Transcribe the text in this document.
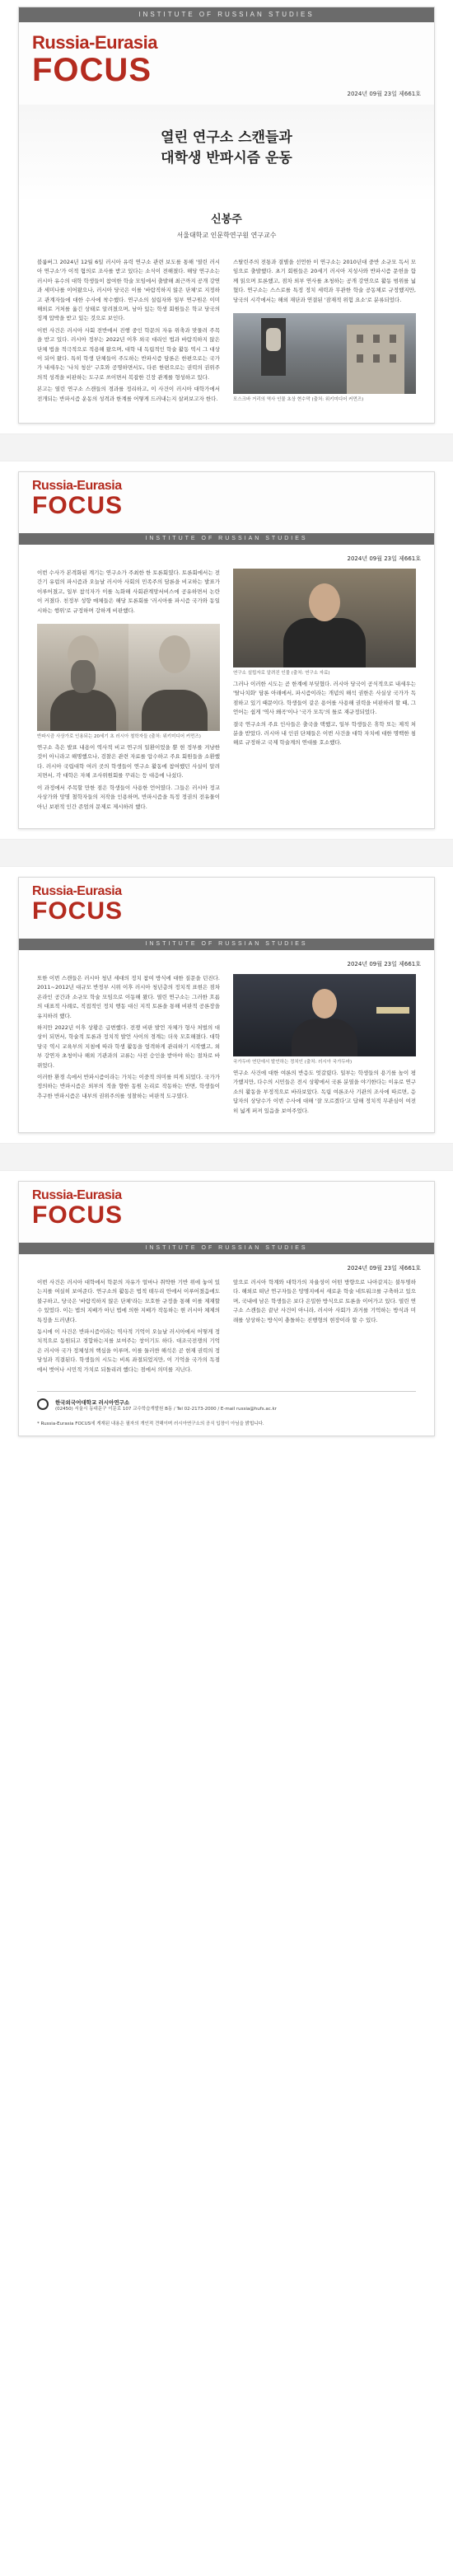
INSTITUTE OF RUSSIAN STUDIES
Russia-Eurasia
FOCUS
2024년 09월 23일 제661호
열린 연구소 스캔들과
대학생 반파시즘 운동
신봉주
서울대학교 인문학연구원 연구교수

블룸버그 2024년 12월 6일 러시아 유력 연구소 관련 보도를 통해 '열린 러시아 연구소'가 이적 혐의로 조사를 받고 있다는 소식이 전해졌다. 해당 연구소는 러시아 유수의 대학 학생들이 참여한 학술 모임에서 출발해 최근까지 공개 강연과 세미나를 이어왔으나, 러시아 당국은 이를 '바람직하지 않은 단체'로 지정하고 관계자들에 대한 수사에 착수했다. 연구소의 설립자와 일부 연구원은 이미 해외로 거처를 옮긴 상태로 알려졌으며, 남아 있는 학생 회원들은 학교 당국의 징계 압박을 받고 있는 것으로 보인다.

이번 사건은 러시아 사회 전반에서 진행 중인 학문의 자유 위축과 맞물려 주목을 받고 있다. 러시아 정부는 2022년 이후 외국 대리인 법과 바람직하지 않은 단체 법을 적극적으로 적용해 왔으며, 대학 내 독립적인 학술 활동 역시 그 대상이 되어 왔다. 특히 학생 단체들이 주도하는 반파시즘 담론은 한편으로는 국가가 내세우는 '나치 청산' 구호와 공명하면서도, 다른 한편으로는 권력의 권위주의적 성격을 비판하는 도구로 쓰이면서 복잡한 긴장 관계를 형성하고 있다.

본고는 열린 연구소 스캔들의 경과를 정리하고, 이 사건이 러시아 대학가에서 전개되는 반파시즘 운동의 성격과 한계를 어떻게 드러내는지 살펴보고자 한다.

스탈린주의 전통과 결별을 선언한 이 연구소는 2010년대 중반 소규모 독서 모임으로 출발했다. 초기 회원들은 20세기 러시아 지성사와 반파시즘 문헌을 함께 읽으며 토론했고, 점차 외부 연사를 초청하는 공개 강연으로 활동 범위를 넓혔다. 연구소는 스스로를 특정 정치 세력과 무관한 학술 공동체로 규정했지만, 당국의 시각에서는 해외 재단과 연결된 '잠재적 위험 요소'로 분류되었다.

모스크바 거리의 역사 인물 초상 현수막 (출처: 위키미디어 커먼즈)
Russia-Eurasia
FOCUS
INSTITUTE OF RUSSIAN STUDIES
2024년 09월 23일 제661호

이번 수사가 본격화된 계기는 연구소가 주최한 한 토론회였다. 토론회에서는 전간기 유럽의 파시즘과 오늘날 러시아 사회의 민족주의 담론을 비교하는 발표가 이루어졌고, 일부 참석자가 이를 녹화해 사회관계망서비스에 공유하면서 논란이 커졌다. 친정부 성향 매체들은 해당 토론회를 '러시아를 파시즘 국가와 동일시하는 행위'로 규정하며 강하게 비판했다.

반파시즘 사상가로 인용되는 20세기 초 러시아 철학자들 (출처: 위키미디어 커먼즈)

연구소 측은 발표 내용이 역사적 비교 연구의 일환이었을 뿐 현 정부를 겨냥한 것이 아니라고 해명했으나, 검찰은 관련 자료를 압수하고 주요 회원들을 소환했다. 러시아 국립대학 여러 곳의 학생들이 연구소 활동에 참여했던 사실이 알려지면서, 각 대학은 자체 조사위원회를 꾸리는 등 대응에 나섰다.

이 과정에서 주목할 만한 점은 학생들이 사용한 언어였다. 그들은 러시아 정교 사상가와 망명 철학자들의 저작을 인용하며, 반파시즘을 특정 정권의 전유물이 아닌 보편적 인간 존엄의 문제로 제시하려 했다.

연구소 설립자로 알려진 인물 (출처: 연구소 자료)

그러나 이러한 시도는 곧 한계에 부딪혔다. 러시아 당국이 공식적으로 내세우는 '탈나치화' 담론 아래에서, 파시즘이라는 개념의 해석 권한은 사실상 국가가 독점하고 있기 때문이다. 학생들이 같은 용어를 사용해 권력을 비판하려 할 때, 그 언어는 쉽게 '역사 왜곡'이나 '국가 모독'의 틀로 재규정되었다.

결국 연구소의 주요 인사들은 출국을 택했고, 일부 학생들은 휴학 또는 제적 처분을 받았다. 러시아 내 인권 단체들은 이번 사건을 대학 자치에 대한 명백한 침해로 규정하고 국제 학술계의 연대를 호소했다.

Russia-Eurasia
FOCUS
INSTITUTE OF RUSSIAN STUDIES
2024년 09월 23일 제661호

또한 이번 스캔들은 러시아 청년 세대의 정치 참여 방식에 대한 질문을 던진다. 2011~2012년 대규모 반정부 시위 이후 러시아 청년층의 정치적 표현은 점차 온라인 공간과 소규모 학술 모임으로 이동해 왔다. 열린 연구소는 그러한 흐름의 대표적 사례로, 직접적인 정치 행동 대신 지적 토론을 통해 비판적 공론장을 유지하려 했다.

하지만 2022년 이후 상황은 급변했다. 전쟁 비판 발언 자체가 형사 처벌의 대상이 되면서, 학술적 토론과 정치적 발언 사이의 경계는 더욱 모호해졌다. 대학 당국 역시 교육부의 지침에 따라 학생 활동을 엄격하게 관리하기 시작했고, 외부 강연자 초청이나 해외 기관과의 교류는 사전 승인을 받아야 하는 절차로 바뀌었다.

이러한 환경 속에서 반파시즘이라는 가치는 이중적 의미를 띠게 되었다. 국가가 정의하는 반파시즘은 외부의 적을 향한 동원 논리로 작동하는 반면, 학생들이 추구한 반파시즘은 내부의 권위주의를 성찰하는 비판적 도구였다.

국가두마 연단에서 발언하는 정치인 (출처: 러시아 국가두마)

연구소 사건에 대한 여론의 반응도 엇갈렸다. 일부는 학생들의 용기를 높이 평가했지만, 다수의 시민들은 전시 상황에서 국론 분열을 야기한다는 이유로 연구소의 활동을 부정적으로 바라보았다. 독립 여론조사 기관의 조사에 따르면, 응답자의 상당수가 이번 수사에 대해 '잘 모르겠다'고 답해 정치적 무관심이 여전히 넓게 퍼져 있음을 보여주었다.

Russia-Eurasia
FOCUS
INSTITUTE OF RUSSIAN STUDIES
2024년 09월 23일 제661호

이번 사건은 러시아 대학에서 학문의 자유가 얼마나 취약한 기반 위에 놓여 있는지를 여실히 보여준다. 연구소의 활동은 법적 테두리 안에서 이루어졌음에도 불구하고, 당국은 '바람직하지 않은 단체'라는 모호한 규정을 통해 이를 제재할 수 있었다. 이는 법의 지배가 아닌 법에 의한 지배가 작동하는 현 러시아 체제의 특징을 드러낸다.

동시에 이 사건은 반파시즘이라는 역사적 기억이 오늘날 러시아에서 어떻게 정치적으로 동원되고 경합하는지를 보여주는 창이기도 하다. 대조국전쟁의 기억은 러시아 국가 정체성의 핵심을 이루며, 이를 둘러싼 해석은 곧 현재 권력의 정당성과 직결된다. 학생들의 시도는 비록 좌절되었지만, 이 기억을 국가의 독점에서 벗어나 시민적 가치로 되돌리려 했다는 점에서 의미를 지닌다.

앞으로 러시아 학계와 대학가의 자율성이 어떤 방향으로 나아갈지는 불투명하다. 해외로 떠난 연구자들은 망명지에서 새로운 학술 네트워크를 구축하고 있으며, 국내에 남은 학생들은 보다 은밀한 방식으로 토론을 이어가고 있다. 열린 연구소 스캔들은 끝난 사건이 아니라, 러시아 사회가 과거를 기억하는 방식과 미래를 상상하는 방식이 충돌하는 진행형의 현장이라 할 수 있다.

한국외국어대학교 러시아연구소
(02450) 서울시 동대문구 이문로 107 교수학습개발원 B동 / Tel 02-2173-2000 / E-mail russia@hufs.ac.kr
* Russia-Eurasia FOCUS에 게재된 내용은 필자의 개인적 견해이며 러시아연구소의 공식 입장이 아님을 밝힙니다.
